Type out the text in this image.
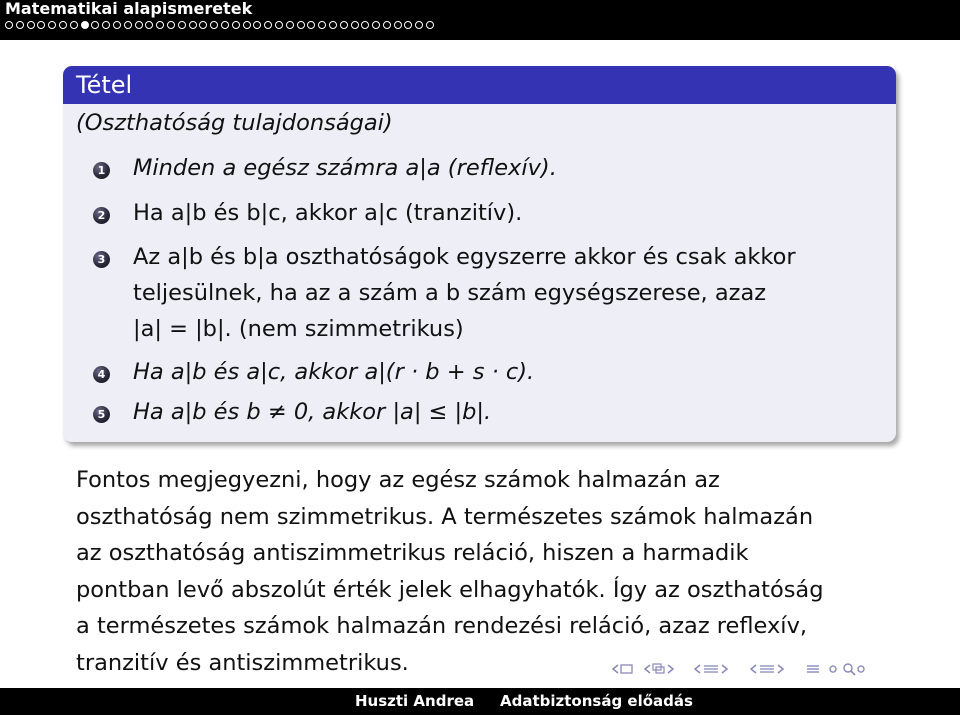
Matematikai alapismeretek
Tétel
(Oszthatóság tulajdonságai)
1 Minden a egész számra a|a (reflexív).
2 Ha a|b és b|c, akkor a|c (tranzitív).
3 Az a|b és b|a oszthatóságok egyszerre akkor és csak akkor
teljesülnek, ha az a szám a b szám egységszerese, azaz
|a| = |b|. (nem szimmetrikus)
4 Ha a|b és a|c, akkor a|(r · b + s · c).
5 Ha a|b és b ≠ 0, akkor |a| ≤ |b|.
Fontos megjegyezni, hogy az egész számok halmazán az
oszthatóság nem szimmetrikus. A természetes számok halmazán
az oszthatóság antiszimmetrikus reláció, hiszen a harmadik
pontban levő abszolút érték jelek elhagyhatók. Így az oszthatóság
a természetes számok halmazán rendezési reláció, azaz reflexív,
tranzitív és antiszimmetrikus.
Huszti Andrea Adatbiztonság előadás
